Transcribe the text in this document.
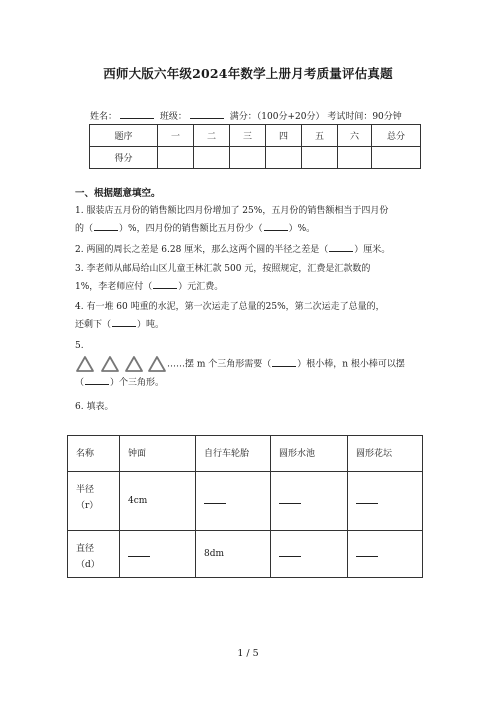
西师大版六年级2024年数学上册月考质量评估真题
姓名：	班级：	满分：（100分+20分） 考试时间：90分钟
题序	一	二	三	四	五	六	总分
得分							
一、根据题意填空。
1. 服装店五月份的销售额比四月份增加了 25%，五月份的销售额相当于四月份
的（	）%，四月份的销售额比五月份少（	）%。
2. 两圆的周长之差是 6.28 厘米，那么这两个圆的半径之差是（	）厘米。
3. 李老师从邮局给山区儿童王林汇款 500 元，按照规定，汇费是汇款数的
1%，李老师应付（	）元汇费。
4. 有一堆 60 吨重的水泥，第一次运走了总量的25%，第二次运走了总量的，
还剩下（	）吨。
5.
……摆 m 个三角形需要（	）根小棒，n 根小棒可以摆
（	）个三角形。
6. 填表。
名称	钟面	自行车轮胎	圆形水池	圆形花坛

半径
（r）	4cm			

直径
（d）		8dm		
1 / 5
